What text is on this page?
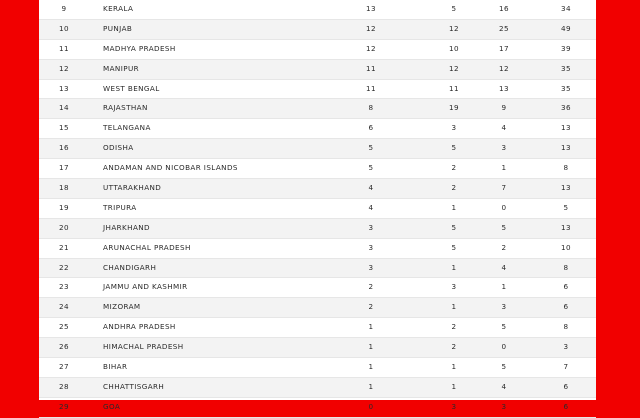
9	KERALA	13	5	16	34
10	PUNJAB	12	12	25	49
11	MADHYA PRADESH	12	10	17	39
12	MANIPUR	11	12	12	35
13	WEST BENGAL	11	11	13	35
14	RAJASTHAN	8	19	9	36
15	TELANGANA	6	3	4	13
16	ODISHA	5	5	3	13
17	ANDAMAN AND NICOBAR ISLANDS	5	2	1	8
18	UTTARAKHAND	4	2	7	13
19	TRIPURA	4	1	0	5
20	JHARKHAND	3	5	5	13
21	ARUNACHAL PRADESH	3	5	2	10
22	CHANDIGARH	3	1	4	8
23	JAMMU AND KASHMIR	2	3	1	6
24	MIZORAM	2	1	3	6
25	ANDHRA PRADESH	1	2	5	8
26	HIMACHAL PRADESH	1	2	0	3
27	BIHAR	1	1	5	7
28	CHHATTISGARH	1	1	4	6
29	GOA	0	3	3	6
